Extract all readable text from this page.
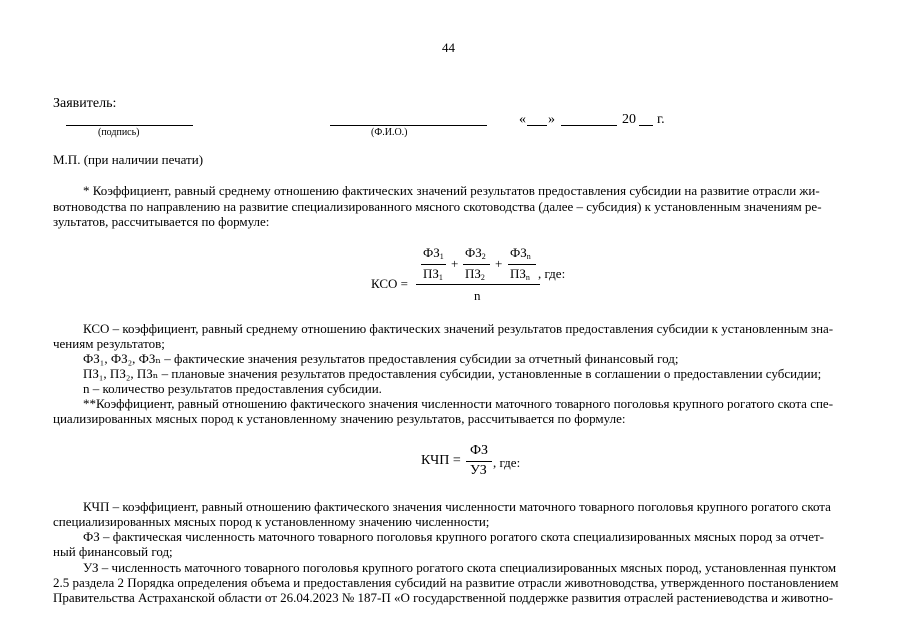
44
Заявитель:
(подпись)	(Ф.И.О.)
« »	20 г.
М.П. (при наличии печати)
* Коэффициент, равный среднему отношению фактических значений результатов предоставления субсидии на развитие отрасли жи-
вотноводства по направлению на развитие специализированного мясного скотоводства (далее – субсидия) к установленным значениям ре-
зультатов, рассчитывается по формуле:
КСО =
$ФЗ_1$
$ПЗ_1$
+
$ФЗ_2$
$ПЗ_2$
+
$ФЗ_n$
$ПЗ_n$ , где:
n
КСО – коэффициент, равный среднему отношению фактических значений результатов предоставления субсидии к установленным зна-
чениям результатов;
ФЗ₁, ФЗ₂, ФЗₙ – фактические значения результатов предоставления субсидии за отчетный финансовый год;
ПЗ₁, ПЗ₂, ПЗₙ – плановые значения результатов предоставления субсидии, установленные в соглашении о предоставлении субсидии;
n – количество результатов предоставления субсидии.
**Коэффициент, равный отношению фактического значения численности маточного товарного поголовья крупного рогатого скота спе-
циализированных мясных пород к установленному значению результатов, рассчитывается по формуле:
КЧП =
ФЗ
УЗ
, где:
КЧП – коэффициент, равный отношению фактического значения численности маточного товарного поголовья крупного рогатого скота
специализированных мясных пород к установленному значению численности;
ФЗ – фактическая численность маточного товарного поголовья крупного рогатого скота специализированных мясных пород за отчет-
ный финансовый год;
УЗ – численность маточного товарного поголовья крупного рогатого скота специализированных мясных пород, установленная пунктом
2.5 раздела 2 Порядка определения объема и предоставления субсидий на развитие отрасли животноводства, утвержденного постановлением
Правительства Астраханской области от 26.04.2023 № 187-П «О государственной поддержке развития отраслей растениеводства и животно-
